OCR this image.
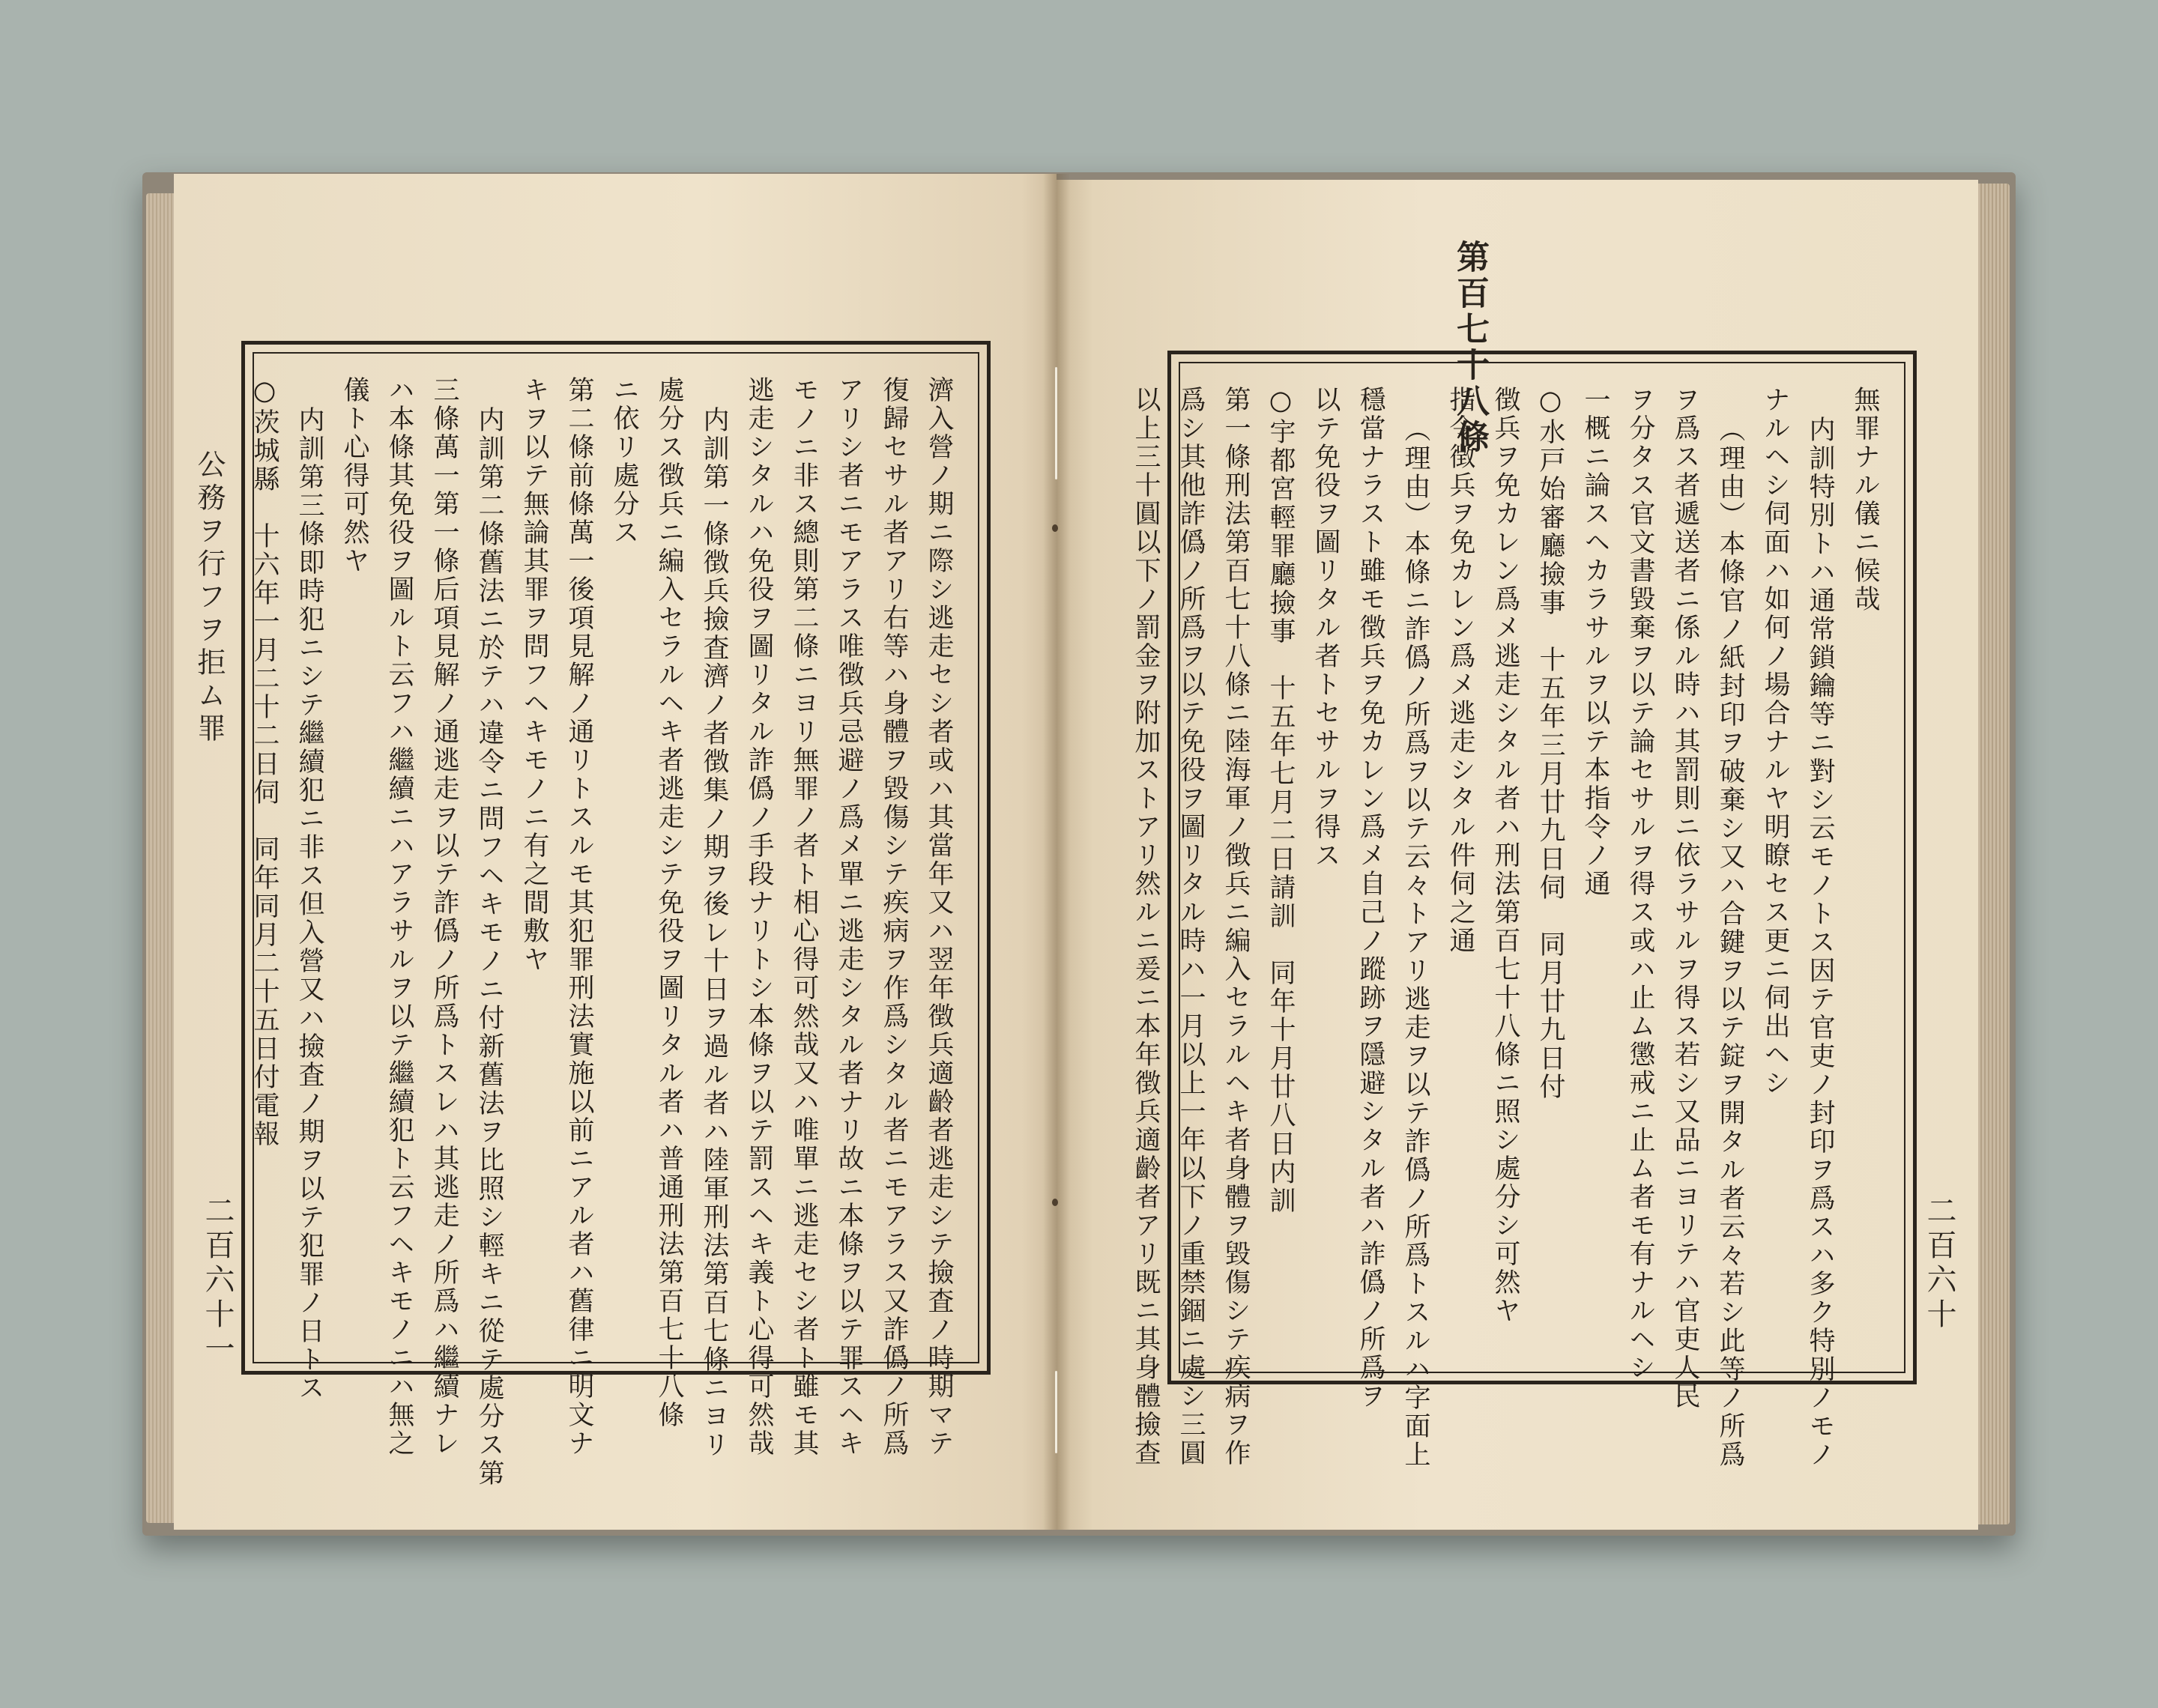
公務ヲ行フヲ拒ム罪
二百六十一	濟入營ノ期ニ際シ逃走セシ者或ハ其當年又ハ翌年徴兵適齡者逃走シテ撿査ノ時期マテ

復歸セサル者アリ右等ハ身體ヲ毀傷シテ疾病ヲ作爲シタル者ニモアラス又詐僞ノ所爲

アリシ者ニモアラス唯徴兵忌避ノ爲メ單ニ逃走シタル者ナリ故ニ本條ヲ以テ罪スヘキ

モノニ非ス總則第二條ニヨリ無罪ノ者ト相心得可然哉又ハ唯單ニ逃走セシ者ト雖モ其

逃走シタルハ免役ヲ圖リタル詐僞ノ手段ナリトシ本條ヲ以テ罰スヘキ義ト心得可然哉

内訓第一條徴兵撿査濟ノ者徴集ノ期ヲ後レ十日ヲ過ル者ハ陸軍刑法第百七條ニヨリ

處分ス徴兵ニ編入セラルヘキ者逃走シテ免役ヲ圖リタル者ハ普通刑法第百七十八條

ニ依リ處分ス

第二條前條萬一後項見解ノ通リトスルモ其犯罪刑法實施以前ニアル者ハ舊律ニ明文ナ

キヲ以テ無論其罪ヲ問フヘキモノニ有之間敷ヤ

内訓第二條舊法ニ於テハ違令ニ問フヘキモノニ付新舊法ヲ比照シ輕キニ從テ處分ス第

三條萬一第一條后項見解ノ通逃走ヲ以テ詐僞ノ所爲トスレハ其逃走ノ所爲ハ繼續ナレ

ハ本條其免役ヲ圖ルト云フハ繼續ニハアラサルヲ以テ繼續犯ト云フヘキモノニハ無之

儀ト心得可然ヤ

内訓第三條即時犯ニシテ繼續犯ニ非ス但入營又ハ撿査ノ期ヲ以テ犯罪ノ日トス

○茨城縣　十六年一月二十二日伺　同年同月二十五日付電報

第百七十八條
二百六十

無罪ナル儀ニ候哉

内訓特別トハ通常鎖鑰等ニ對シ云モノトス因テ官吏ノ封印ヲ爲スハ多ク特別ノモノ

ナルヘシ伺面ハ如何ノ場合ナルヤ明瞭セス更ニ伺出ヘシ

（理由）本條官ノ紙封印ヲ破棄シ又ハ合鍵ヲ以テ錠ヲ開タル者云々若シ此等ノ所爲

ヲ爲ス者遞送者ニ係ル時ハ其罰則ニ依ラサルヲ得ス若シ又品ニヨリテハ官吏人民

ヲ分タス官文書毀棄ヲ以テ論セサルヲ得ス或ハ止ム懲戒ニ止ム者モ有ナルヘシ

一概ニ論スヘカラサルヲ以テ本指令ノ通

○水戸始審廳撿事　十五年三月廿九日伺　同月廿九日付

徴兵ヲ免カレン爲メ逃走シタル者ハ刑法第百七十八條ニ照シ處分シ可然ヤ

指令徴兵ヲ免カレン爲メ逃走シタル件伺之通

（理由）本條ニ詐僞ノ所爲ヲ以テ云々トアリ逃走ヲ以テ詐僞ノ所爲トスルハ字面上

穩當ナラスト雖モ徴兵ヲ免カレン爲メ自己ノ蹤跡ヲ隱避シタル者ハ詐僞ノ所爲ヲ

以テ免役ヲ圖リタル者トセサルヲ得ス

○宇都宮輕罪廳撿事　十五年七月二日請訓　同年十月廿八日内訓

第一條刑法第百七十八條ニ陸海軍ノ徴兵ニ編入セラルヘキ者身體ヲ毀傷シテ疾病ヲ作

爲シ其他詐僞ノ所爲ヲ以テ免役ヲ圖リタル時ハ一月以上一年以下ノ重禁錮ニ處シ三圓

以上三十圓以下ノ罰金ヲ附加ストアリ然ルニ爰ニ本年徴兵適齡者アリ既ニ其身體撿查
